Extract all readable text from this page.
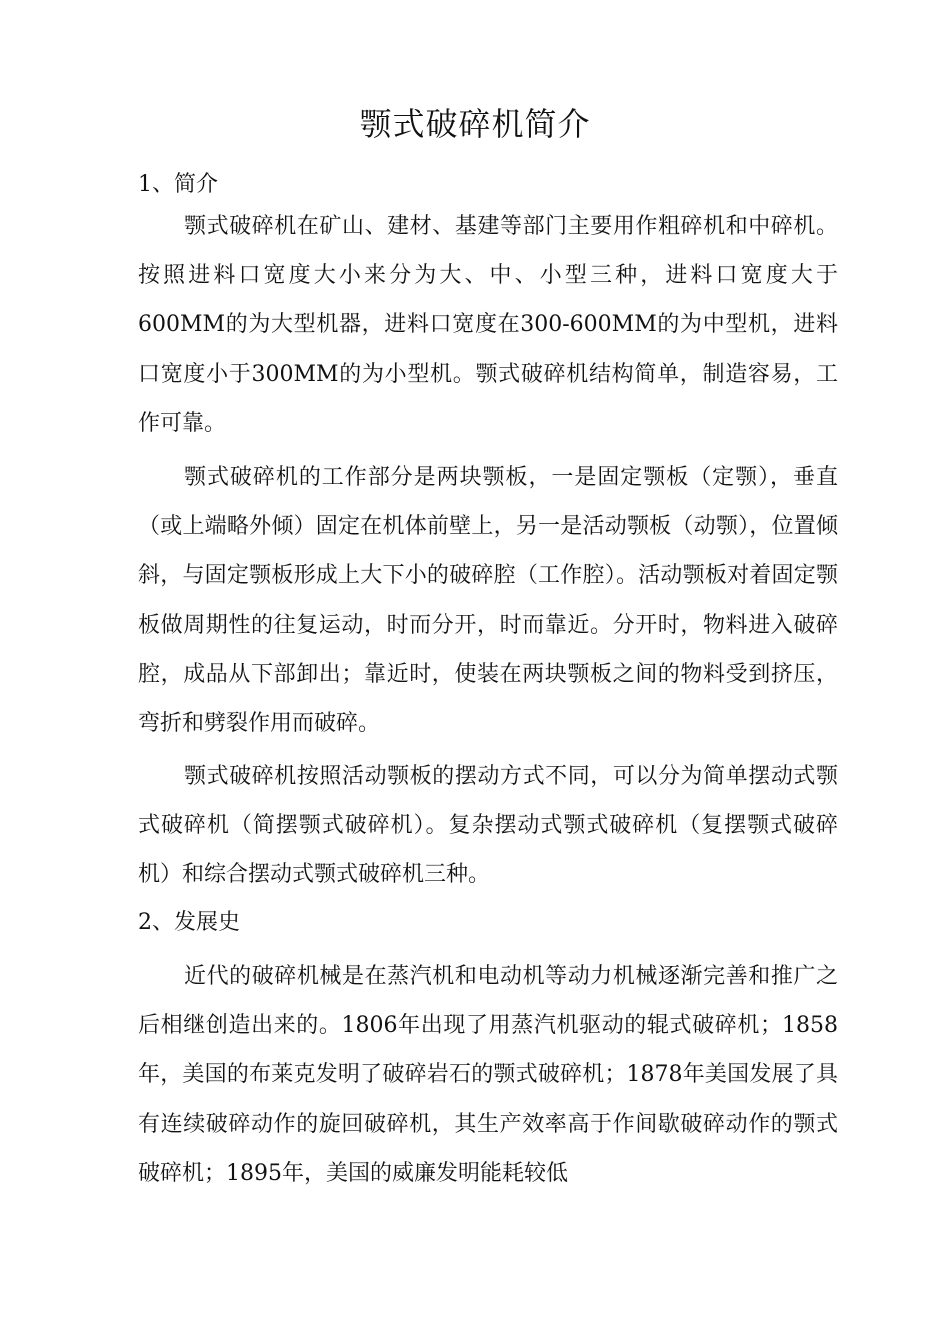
颚式破碎机简介
1、简介

颚式破碎机在矿山、建材、基建等部门主要用作粗碎机和中碎机。按照进料口宽度大小来分为大、中、小型三种，进料口宽度大于600MM的为大型机器，进料口宽度在300-600MM的为中型机，进料口宽度小于300MM的为小型机。颚式破碎机结构简单，制造容易，工作可靠。

颚式破碎机的工作部分是两块颚板，一是固定颚板（定颚），垂直（或上端略外倾）固定在机体前壁上，另一是活动颚板（动颚），位置倾斜，与固定颚板形成上大下小的破碎腔（工作腔）。活动颚板对着固定颚板做周期性的往复运动，时而分开，时而靠近。分开时，物料进入破碎腔，成品从下部卸出；靠近时，使装在两块颚板之间的物料受到挤压，弯折和劈裂作用而破碎。

颚式破碎机按照活动颚板的摆动方式不同，可以分为简单摆动式颚式破碎机（简摆颚式破碎机）。复杂摆动式颚式破碎机（复摆颚式破碎机）和综合摆动式颚式破碎机三种。

2、发展史

近代的破碎机械是在蒸汽机和电动机等动力机械逐渐完善和推广之后相继创造出来的。1806年出现了用蒸汽机驱动的辊式破碎机；1858年，美国的布莱克发明了破碎岩石的颚式破碎机；1878年美国发展了具有连续破碎动作的旋回破碎机，其生产效率高于作间歇破碎动作的颚式破碎机；1895年，美国的威廉发明能耗较低
